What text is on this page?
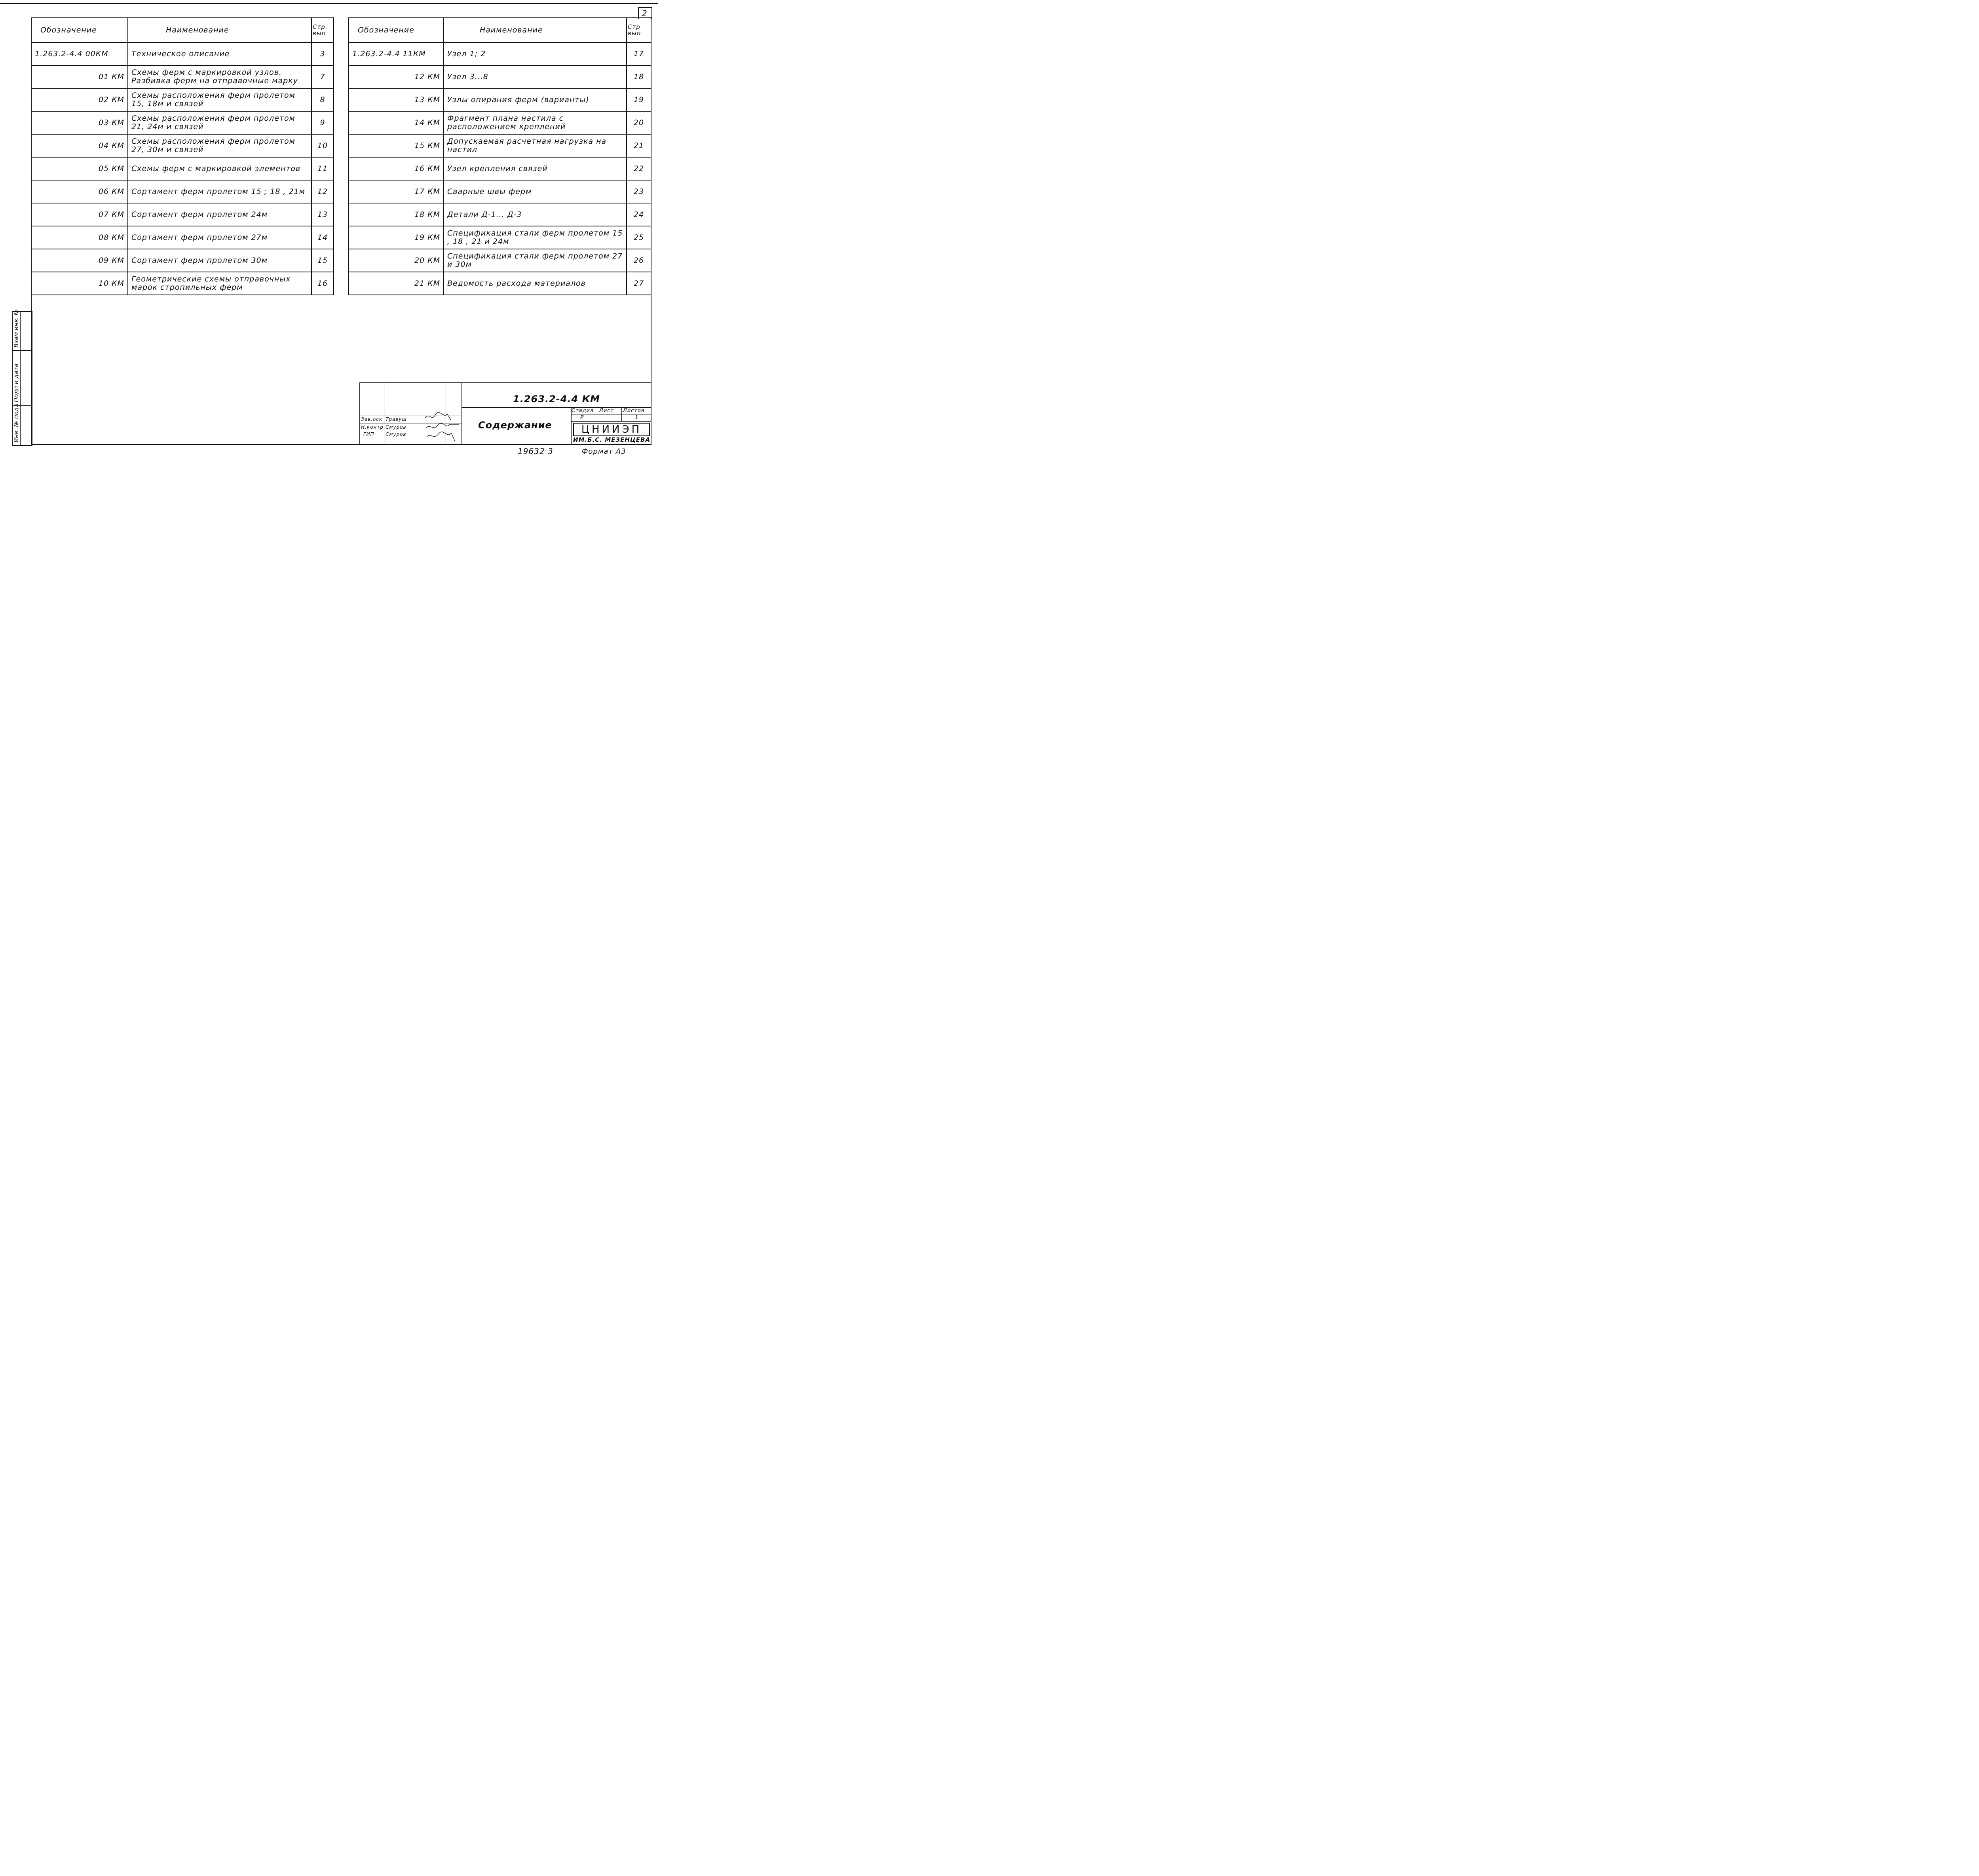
2
Обозначение	Наименование	Стр. вып
1.263.2-4.4 00КМ	Техническое описание	3
01 КМ	Схемы ферм с маркировкой узлов. Разбивка ферм на отправочные марку	7
02 КМ	Схемы расположения ферм пролетом 15, 18м и связей	8
03 КМ	Схемы расположения ферм пролетом 21, 24м и связей	9
04 КМ	Схемы расположения ферм пролетом 27, 30м и связей	10
05 КМ	Схемы ферм с маркировкой элементов	11
06 КМ	Сортамент ферм пролетом 15 ; 18 , 21м	12
07 КМ	Сортамент ферм пролетом 24м	13
08 КМ	Сортамент ферм пролетом 27м	14
09 КМ	Сортамент ферм пролетом 30м	15
10 КМ	Геометрические схемы отправочных марок стропильных ферм	16
Обозначение	Наименование	Стр вып
1.263.2-4.4 11КМ	Узел 1; 2	17
12 КМ	Узел 3...8	18
13 КМ	Узлы опирания ферм (варианты)	19
14 КМ	Фрагмент плана настила с расположением креплений	20
15 КМ	Допускаемая расчетная нагрузка на настил	21
16 КМ	Узел крепления связей	22
17 КМ	Сварные швы ферм	23
18 КМ	Детали Д-1... Д-3	24
19 КМ	Спецификация стали ферм пролетом 15 , 18 , 21 и 24м	25
20 КМ	Спецификация стали ферм пролетом 27 и 30м	26
21 КМ	Ведомость расхода материалов	27
Взам инв. №
Подп и дата
Инв. № подл	Зав.оск Травуш
Н.контр Смуров
ГИП Смуров
1.263.2-4.4 КМ
Содержание
Стадия Лист Листов
Р	1
ЦНИИЭП
ИМ.Б.С. МЕЗЕНЦЕВА
19632 3	Формат А3
